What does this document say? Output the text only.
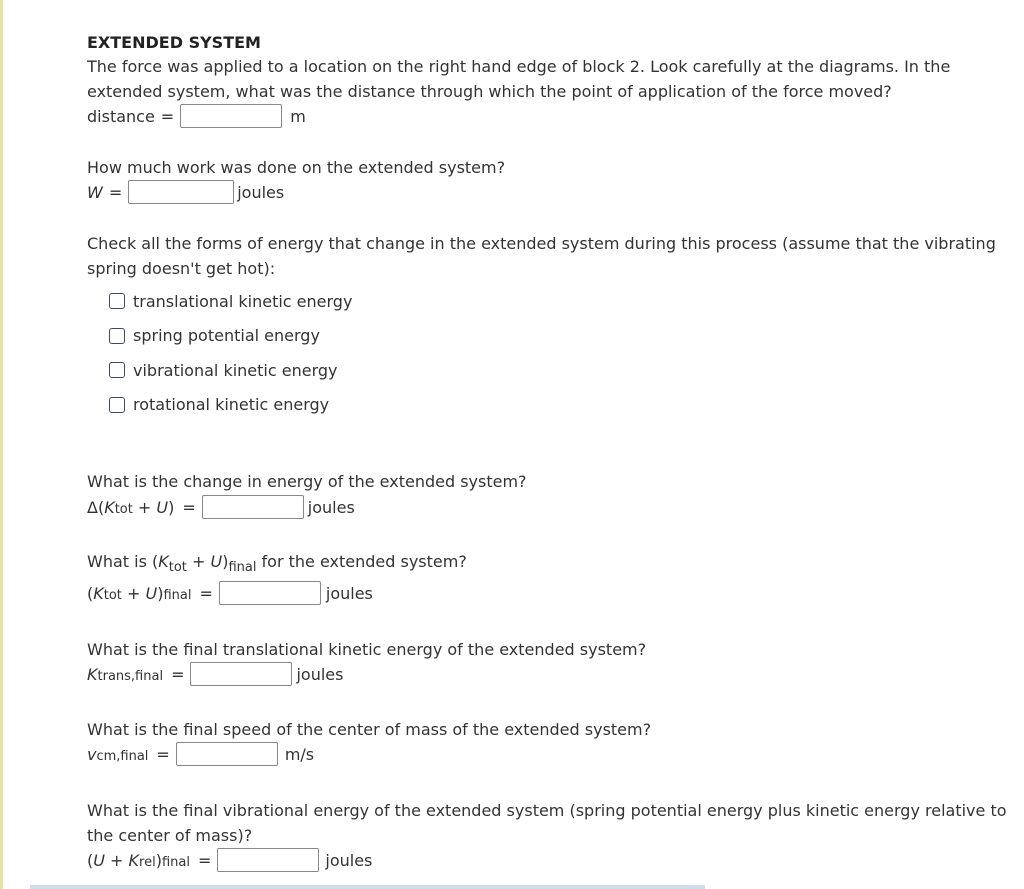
EXTENDED SYSTEM

The force was applied to a location on the right hand edge of block 2. Look carefully at the diagrams. In the

extended system, what was the distance through which the point of application of the force moved?

distance =	m

How much work was done on the extended system?

W =	joules

Check all the forms of energy that change in the extended system during this process (assume that the vibrating

spring doesn't get hot):

translational kinetic energy
spring potential energy
vibrational kinetic energy
rotational kinetic energy

What is the change in energy of the extended system?

Δ( K tot + U ) =	joules

What is $(K_{tot} + U)_{final}$ for the extended system?

( K tot + U ) final =	joules

What is the final translational kinetic energy of the extended system?

K trans,final =	joules

What is the final speed of the center of mass of the extended system?

v cm,final =	m/s

What is the final vibrational energy of the extended system (spring potential energy plus kinetic energy relative to

the center of mass)?

( U + K rel ) final =	joules
